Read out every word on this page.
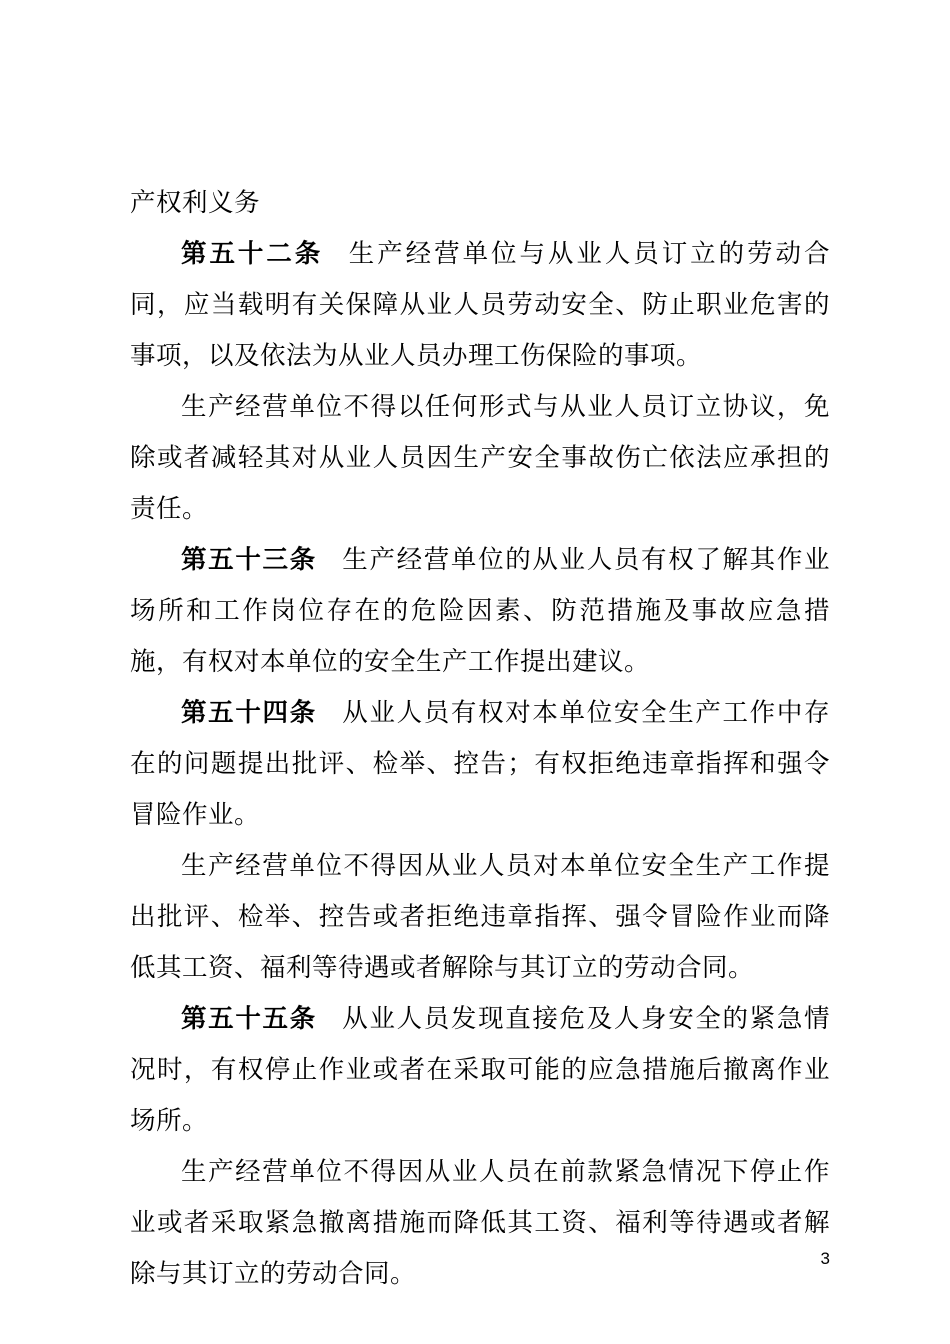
产权利义务

第五十二条 生产经营单位与从业人员订立的劳动合同，应当载明有关保障从业人员劳动安全、防止职业危害的事项，以及依法为从业人员办理工伤保险的事项。

生产经营单位不得以任何形式与从业人员订立协议，免除或者减轻其对从业人员因生产安全事故伤亡依法应承担的责任。

第五十三条 生产经营单位的从业人员有权了解其作业场所和工作岗位存在的危险因素、防范措施及事故应急措施，有权对本单位的安全生产工作提出建议。

第五十四条 从业人员有权对本单位安全生产工作中存在的问题提出批评、检举、控告；有权拒绝违章指挥和强令冒险作业。

生产经营单位不得因从业人员对本单位安全生产工作提出批评、检举、控告或者拒绝违章指挥、强令冒险作业而降低其工资、福利等待遇或者解除与其订立的劳动合同。

第五十五条 从业人员发现直接危及人身安全的紧急情况时，有权停止作业或者在采取可能的应急措施后撤离作业场所。

生产经营单位不得因从业人员在前款紧急情况下停止作业或者采取紧急撤离措施而降低其工资、福利等待遇或者解除与其订立的劳动合同。

3
